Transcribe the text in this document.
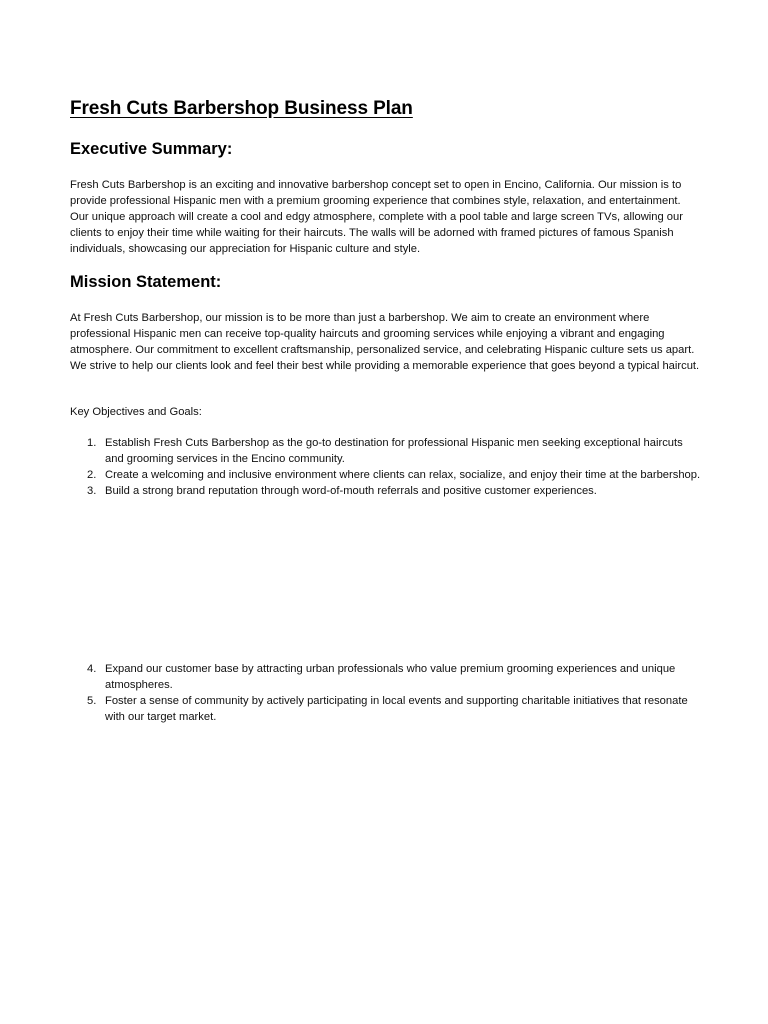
Fresh Cuts Barbershop Business Plan
Executive Summary:

Fresh Cuts Barbershop is an exciting and innovative barbershop concept set to open in Encino, California. Our mission is to provide professional Hispanic men with a premium grooming experience that combines style, relaxation, and entertainment. Our unique approach will create a cool and edgy atmosphere, complete with a pool table and large screen TVs, allowing our clients to enjoy their time while waiting for their haircuts. The walls will be adorned with framed pictures of famous Spanish individuals, showcasing our appreciation for Hispanic culture and style.

Mission Statement:

At Fresh Cuts Barbershop, our mission is to be more than just a barbershop. We aim to create an environment where professional Hispanic men can receive top-quality haircuts and grooming services while enjoying a vibrant and engaging atmosphere. Our commitment to excellent craftsmanship, personalized service, and celebrating Hispanic culture sets us apart. We strive to help our clients look and feel their best while providing a memorable experience that goes beyond a typical haircut.

Key Objectives and Goals:

1. Establish Fresh Cuts Barbershop as the go-to destination for professional Hispanic men seeking exceptional haircuts and grooming services in the Encino community.
2. Create a welcoming and inclusive environment where clients can relax, socialize, and enjoy their time at the barbershop.
3. Build a strong brand reputation through word-of-mouth referrals and positive customer experiences.
4. Expand our customer base by attracting urban professionals who value premium grooming experiences and unique atmospheres.
5. Foster a sense of community by actively participating in local events and supporting charitable initiatives that resonate with our target market.
